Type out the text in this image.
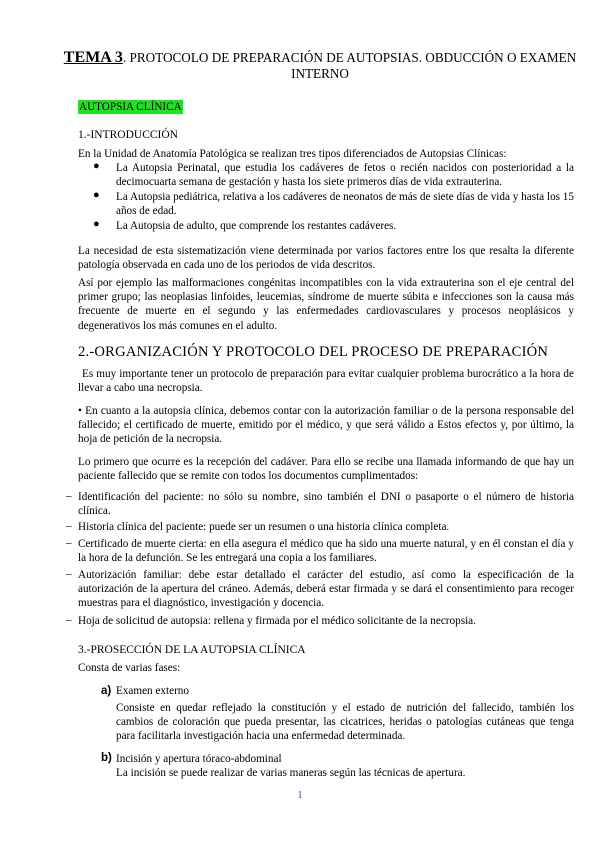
TEMA 3. PROTOCOLO DE PREPARACIÓN DE AUTOPSIAS. OBDUCCIÓN O EXAMEN
INTERNO
AUTOPSIA CLÍNICA
1.-INTRODUCCIÓN
En la Unidad de Anatomía Patológica se realizan tres tipos diferenciados de Autopsias Clínicas:
● La Autopsia Perinatal, que estudia los cadáveres de fetos o recién nacidos con posterioridad a la decimocuarta semana de gestación y hasta los siete primeros días de vida extrauterina.
● La Autopsia pediátrica, relativa a los cadáveres de neonatos de más de siete días de vida y hasta los 15 años de edad.
● La Autopsia de adulto, que comprende los restantes cadáveres.
La necesidad de esta sistematización viene determinada por varios factores entre los que resalta la diferente patología observada en cada uno de los periodos de vida descritos.
Así por ejemplo las malformaciones congénitas incompatibles con la vida extrauterina son el eje central del primer grupo; las neoplasias linfoides, leucemias, síndrome de muerte súbita e infecciones son la causa más frecuente de muerte en el segundo y las enfermedades cardiovasculares y procesos neoplásicos y degenerativos los más comunes en el adulto.
2.-ORGANIZACIÓN Y PROTOCOLO DEL PROCESO DE PREPARACIÓN
Es muy importante tener un protocolo de preparación para evitar cualquier problema burocrático a la hora de llevar a cabo una necropsia.
• En cuanto a la autopsia clínica, debemos contar con la autorización familiar o de la persona responsable del fallecido; el certificado de muerte, emitido por el médico, y que será válido a Estos efectos y, por último, la hoja de petición de la necropsia.
Lo primero que ocurre es la recepción del cadáver. Para ello se recibe una llamada informando de que hay un paciente fallecido que se remite con todos los documentos cumplimentados:
– Identificación del paciente: no sólo su nombre, sino también el DNI o pasaporte o el número de historia clínica.
– Historia clínica del paciente: puede ser un resumen o una historia clínica completa.
– Certificado de muerte cierta: en ella asegura el médico que ha sido una muerte natural, y en él constan el día y la hora de la defunción. Se les entregará una copia a los familiares.
– Autorización familiar: debe estar detallado el carácter del estudio, así como la especificación de la autorización de la apertura del cráneo. Además, deberá estar firmada y se dará el consentimiento para recoger muestras para el diagnóstico, investigación y docencia.
– Hoja de solicitud de autopsia: rellena y firmada por el médico solicitante de la necropsia.
3.-PROSECCIÓN DE LA AUTOPSIA CLÍNICA
Consta de varias fases:
a) Examen externo
Consiste en quedar reflejado la constitución y el estado de nutrición del fallecido, también los cambios de coloración que pueda presentar, las cicatrices, heridas o patologías cutáneas que tenga para facilitarla investigación hacia una enfermedad determinada.
b) Incisión y apertura tóraco-abdominal
La incisión se puede realizar de varias maneras según las técnicas de apertura.
1
